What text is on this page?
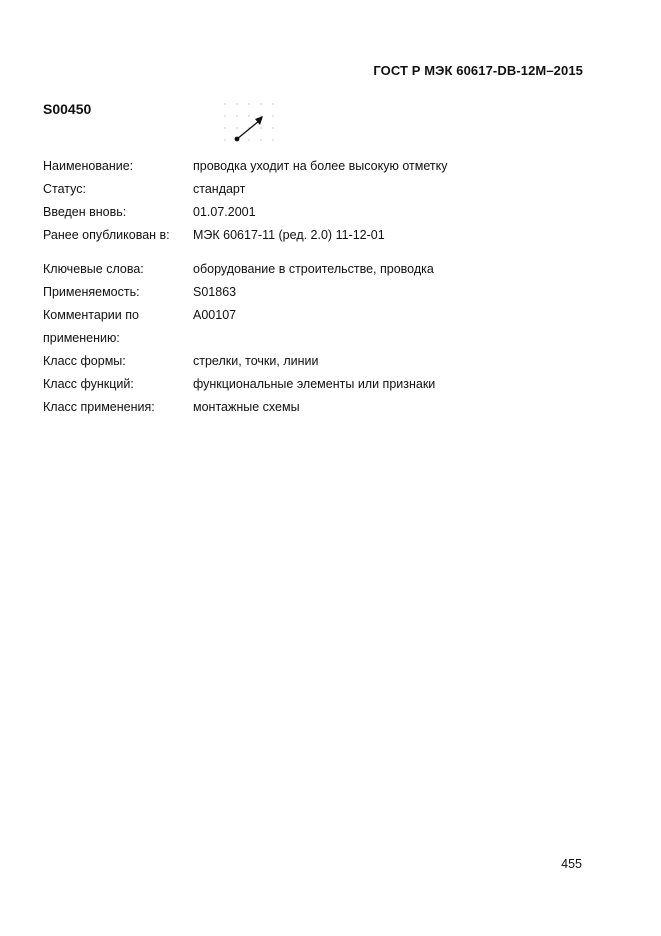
ГОСТ Р МЭК 60617-DB-12M–2015
S00450
Наименование:	проводка уходит на более высокую отметку
Статус:	стандарт
Введен вновь:	01.07.2001
Ранее опубликован в:	МЭК 60617-11 (ред. 2.0) 11-12-01
Ключевые слова:	оборудование в строительстве, проводка
Применяемость:	S01863
Комментарии по	A00107
применению:
Класс формы:	стрелки, точки, линии
Класс функций:	функциональные элементы или признаки
Класс применения:	монтажные схемы
455
